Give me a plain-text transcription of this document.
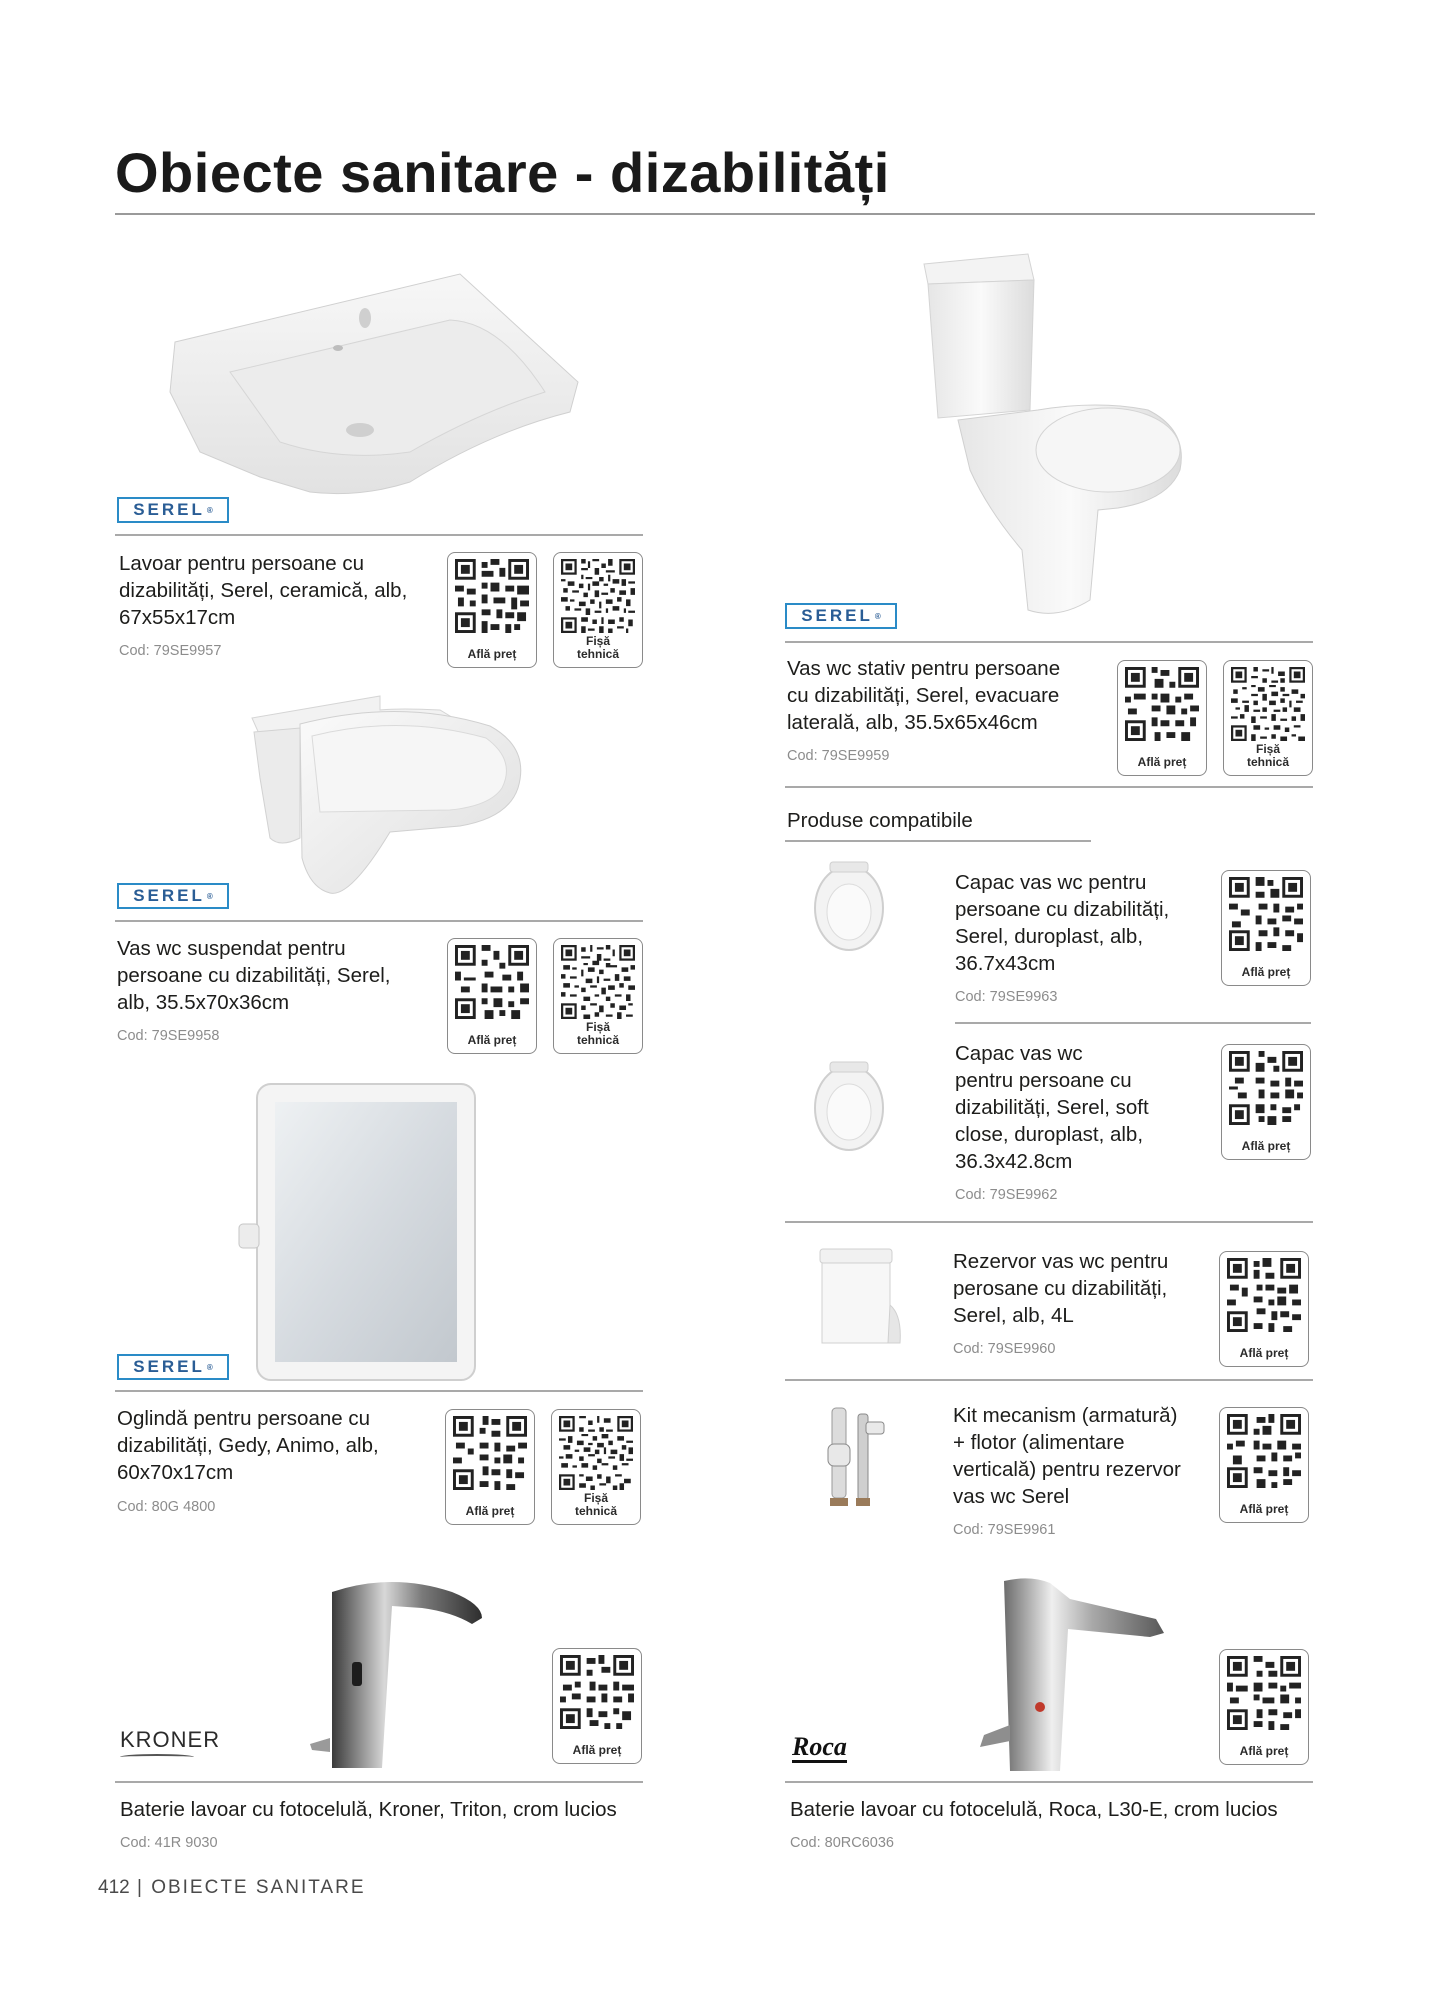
Obiecte sanitare - dizabilități
SEREL ®
Lavoar pentru persoane cu
dizabilități, Serel, ceramică, alb,
67x55x17cm
Cod: 79SE9957	Află preț
Fișă
tehnică
SEREL ®
Vas wc suspendat pentru
persoane cu dizabilități, Serel,
alb, 35.5x70x36cm
Cod: 79SE9958	Află preț
Fișă
tehnică
SEREL ®
Oglindă pentru persoane cu
dizabilități, Gedy, Animo, alb,
60x70x17cm
Cod: 80G 4800	Află preț
Fișă
tehnică
KRONER	Află preț
Baterie lavoar cu fotocelulă, Kroner, Triton, crom lucios
Cod: 41R 9030
SEREL ®
Vas wc stativ pentru persoane
cu dizabilități, Serel, evacuare
laterală, alb, 35.5x65x46cm
Cod: 79SE9959	Află preț
Fișă
tehnică
Produse compatibile
Capac vas wc pentru
persoane cu dizabilități,
Serel, duroplast, alb,
36.7x43cm
Cod: 79SE9963
Află preț
Capac vas wc
pentru persoane cu
dizabilități, Serel, soft
close, duroplast, alb,
36.3x42.8cm
Cod: 79SE9962
Află preț
Rezervor vas wc pentru
perosane cu dizabilități,
Serel, alb, 4L
Cod: 79SE9960	Află preț
Kit mecanism (armatură)
+ flotor (alimentare
verticală) pentru rezervor
vas wc Serel
Cod: 79SE9961
Află preț
Roca	Află preț
Baterie lavoar cu fotocelulă, Roca, L30-E, crom lucios
Cod: 80RC6036
412 | OBIECTE SANITARE
